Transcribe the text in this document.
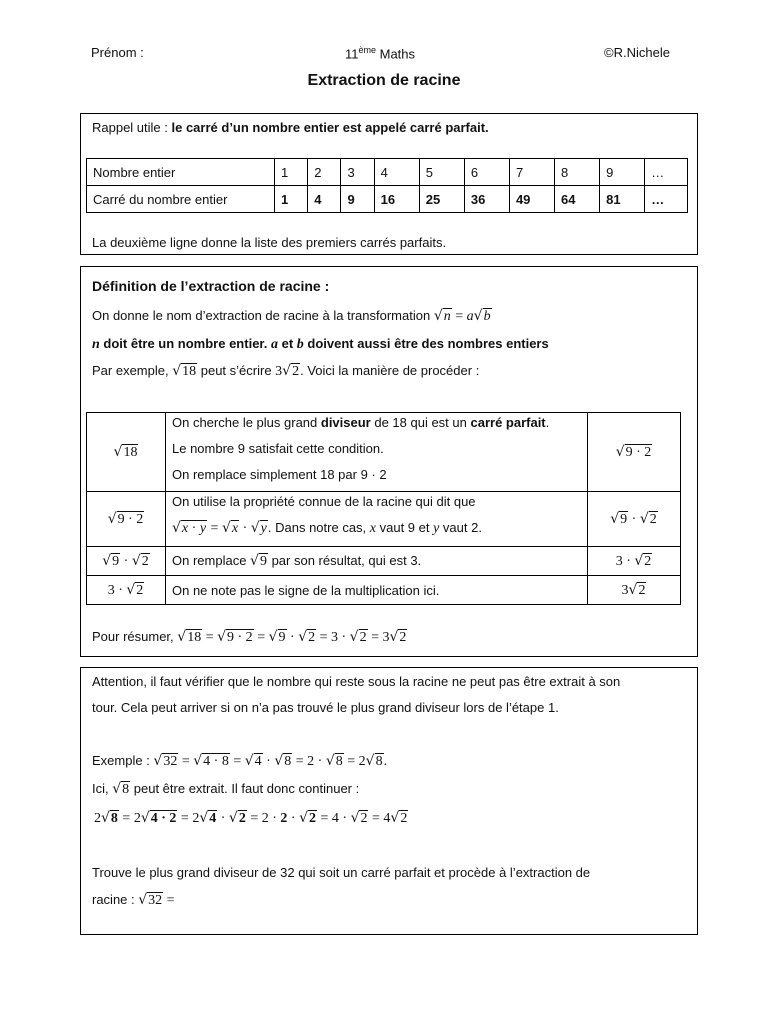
Prénom :	11ème Maths	©R.Nichele
Extraction de racine
Rappel utile : le carré d’un nombre entier est appelé carré parfait.
Nombre entier	1	2	3	4	5	6	7	8	9	…
Carré du nombre entier	1	4	9	16	25	36	49	64	81	…
La deuxième ligne donne la liste des premiers carrés parfaits.
Définition de l’extraction de racine :
On donne le nom d’extraction de racine à la transformation √n = a√b
n doit être un nombre entier. a et b doivent aussi être des nombres entiers
Par exemple, √18 peut s’écrire 3√2. Voici la manière de procéder :
√18	On cherche le plus grand diviseur de 18 qui est un carré parfait.
Le nombre 9 satisfait cette condition.
On remplace simplement 18 par 9 · 2	√9 · 2
√9 · 2	On utilise la propriété connue de la racine qui dit que
√x · y = √x · √y. Dans notre cas, x vaut 9 et y vaut 2.	√9 · √2
√9 · √2	On remplace √9 par son résultat, qui est 3.	3 · √2
3 · √2	On ne note pas le signe de la multiplication ici.	3√2
Pour résumer, √18 = √9 · 2 = √9 · √2 = 3 · √2 = 3√2
Attention, il faut vérifier que le nombre qui reste sous la racine ne peut pas être extrait à son
tour. Cela peut arriver si on n’a pas trouvé le plus grand diviseur lors de l’étape 1.
Exemple : √32 = √4 · 8 = √4 · √8 = 2 · √8 = 2√8.
Ici, √8 peut être extrait. Il faut donc continuer :
2√8 = 2√4 · 2 = 2√4 · √2 = 2 · 2 · √2 = 4 · √2 = 4√2
Trouve le plus grand diviseur de 32 qui soit un carré parfait et procède à l’extraction de
racine : √32 =
